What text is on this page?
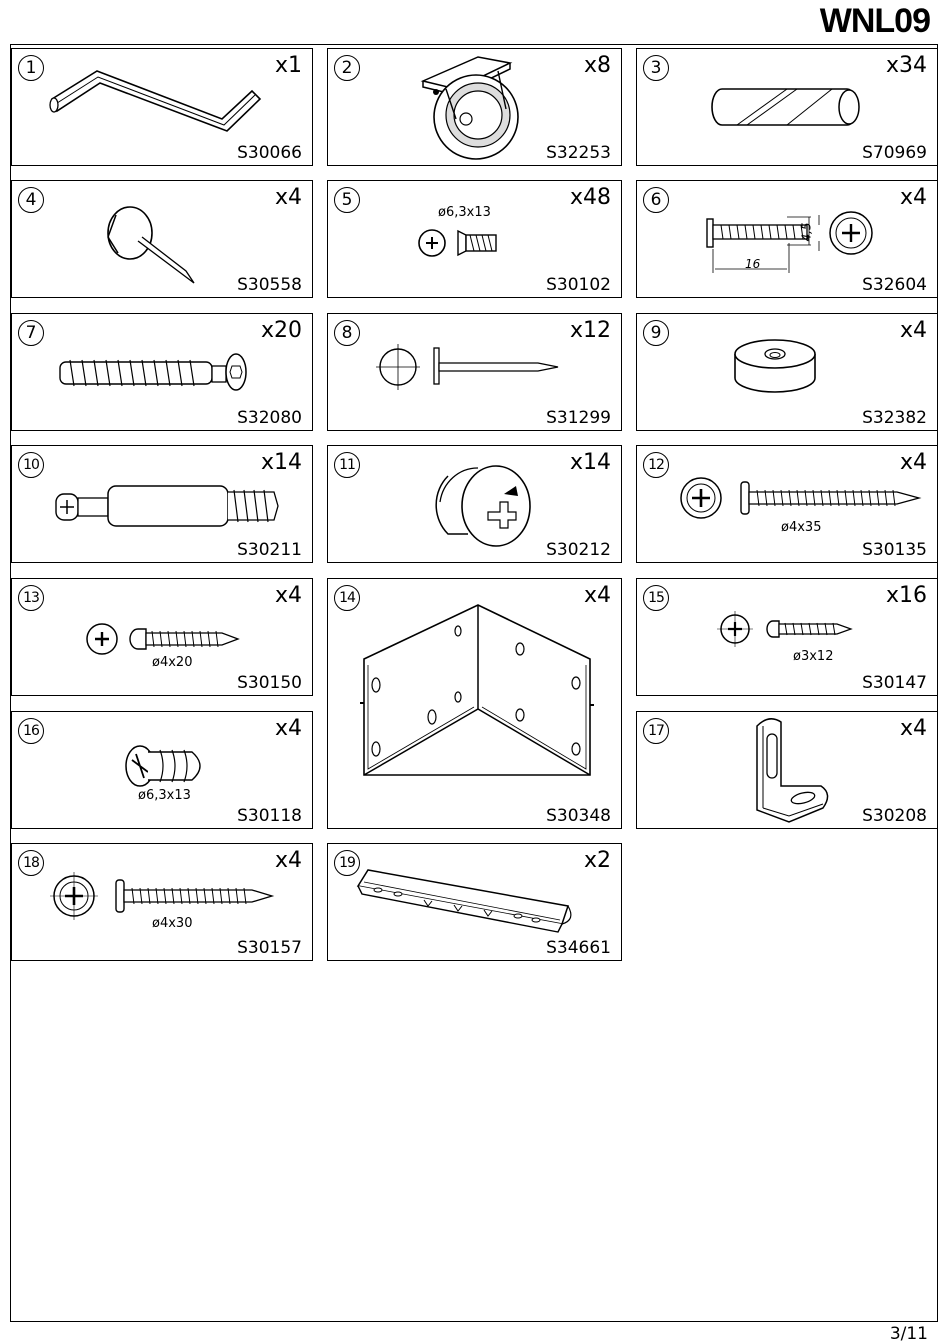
WNL09
1	x1
S30066
2	x8
S32253
3	x34
S70969
4	x4
S30558
5	x48
ø6,3x13
S30102
6	x4
16
4,5
S32604
7	x20
S32080
8	x12
S31299
9	x4
S32382
10	x14
S30211
11	x14
S30212
12	x4
ø4x35
S30135
13	x4
ø4x20
S30150
14	x4
S30348
15	x16
ø3x12
S30147
16	x4
ø6,3x13
S30118
17	x4
S30208
18	x4
ø4x30
S30157
19	x2
S34661
3/11
